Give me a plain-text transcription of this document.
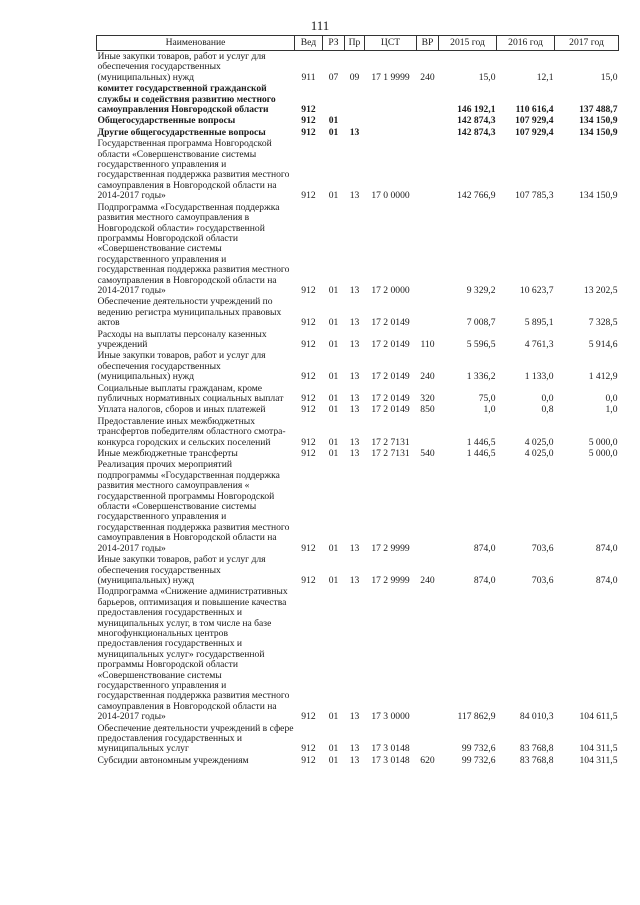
111
Наименование	Вед	РЗ	Пр	ЦСТ	ВР	2015 год	2016 год	2017 год
Иные закупки товаров, работ и услуг для обеспечения государственных (муниципальных) нужд	911	07	09	17 1 9999	240	15,0	12,1	15,0
комитет государственной гражданской службы и содействия развитию местного самоуправления Новгородской области	912					146 192,1	110 616,4	137 488,7
Общегосударственные вопросы	912	01				142 874,3	107 929,4	134 150,9
Другие общегосударственные вопросы	912	01	13			142 874,3	107 929,4	134 150,9
Государственная программа Новгородской области «Совершенствование системы государственного управления и государственная поддержка развития местного самоуправления в Новгородской области на 2014-2017 годы»	912	01	13	17 0 0000		142 766,9	107 785,3	134 150,9
Подпрограмма «Государственная поддержка развития местного самоуправления в Новгородской области» государственной программы Новгородской области «Совершенствование системы государственного управления и государственная поддержка развития местного самоуправления в Новгородской области на 2014-2017 годы»	912	01	13	17 2 0000		9 329,2	10 623,7	13 202,5
Обеспечение деятельности учреждений по ведению регистра муниципальных правовых актов	912	01	13	17 2 0149		7 008,7	5 895,1	7 328,5
Расходы на выплаты персоналу казенных учреждений	912	01	13	17 2 0149	110	5 596,5	4 761,3	5 914,6
Иные закупки товаров, работ и услуг для обеспечения государственных (муниципальных) нужд	912	01	13	17 2 0149	240	1 336,2	1 133,0	1 412,9
Социальные выплаты гражданам, кроме публичных нормативных социальных выплат	912	01	13	17 2 0149	320	75,0	0,0	0,0
Уплата налогов, сборов и иных платежей	912	01	13	17 2 0149	850	1,0	0,8	1,0
Предоставление иных межбюджетных трансфертов победителям областного смотра-конкурса городских и сельских поселений	912	01	13	17 2 7131		1 446,5	4 025,0	5 000,0
Иные межбюджетные трансферты	912	01	13	17 2 7131	540	1 446,5	4 025,0	5 000,0
Реализация прочих мероприятий подпрограммы «Государственная поддержка развития местного самоуправления « государственной программы Новгородской области «Совершенствование системы государственного управления и государственная поддержка развития местного самоуправления в Новгородской области на 2014-2017 годы»	912	01	13	17 2 9999		874,0	703,6	874,0
Иные закупки товаров, работ и услуг для обеспечения государственных (муниципальных) нужд	912	01	13	17 2 9999	240	874,0	703,6	874,0
Подпрограмма «Снижение административных барьеров, оптимизация и повышение качества предоставления государственных и муниципальных услуг, в том числе на базе многофункциональных центров предоставления государственных и муниципальных услуг» государственной программы Новгородской области «Совершенствование системы государственного управления и государственная поддержка развития местного самоуправления в Новгородской области на 2014-2017 годы»	912	01	13	17 3 0000		117 862,9	84 010,3	104 611,5
Обеспечение деятельности учреждений в сфере предоставления государственных и муниципальных услуг	912	01	13	17 3 0148		99 732,6	83 768,8	104 311,5
Субсидии автономным учреждениям	912	01	13	17 3 0148	620	99 732,6	83 768,8	104 311,5
